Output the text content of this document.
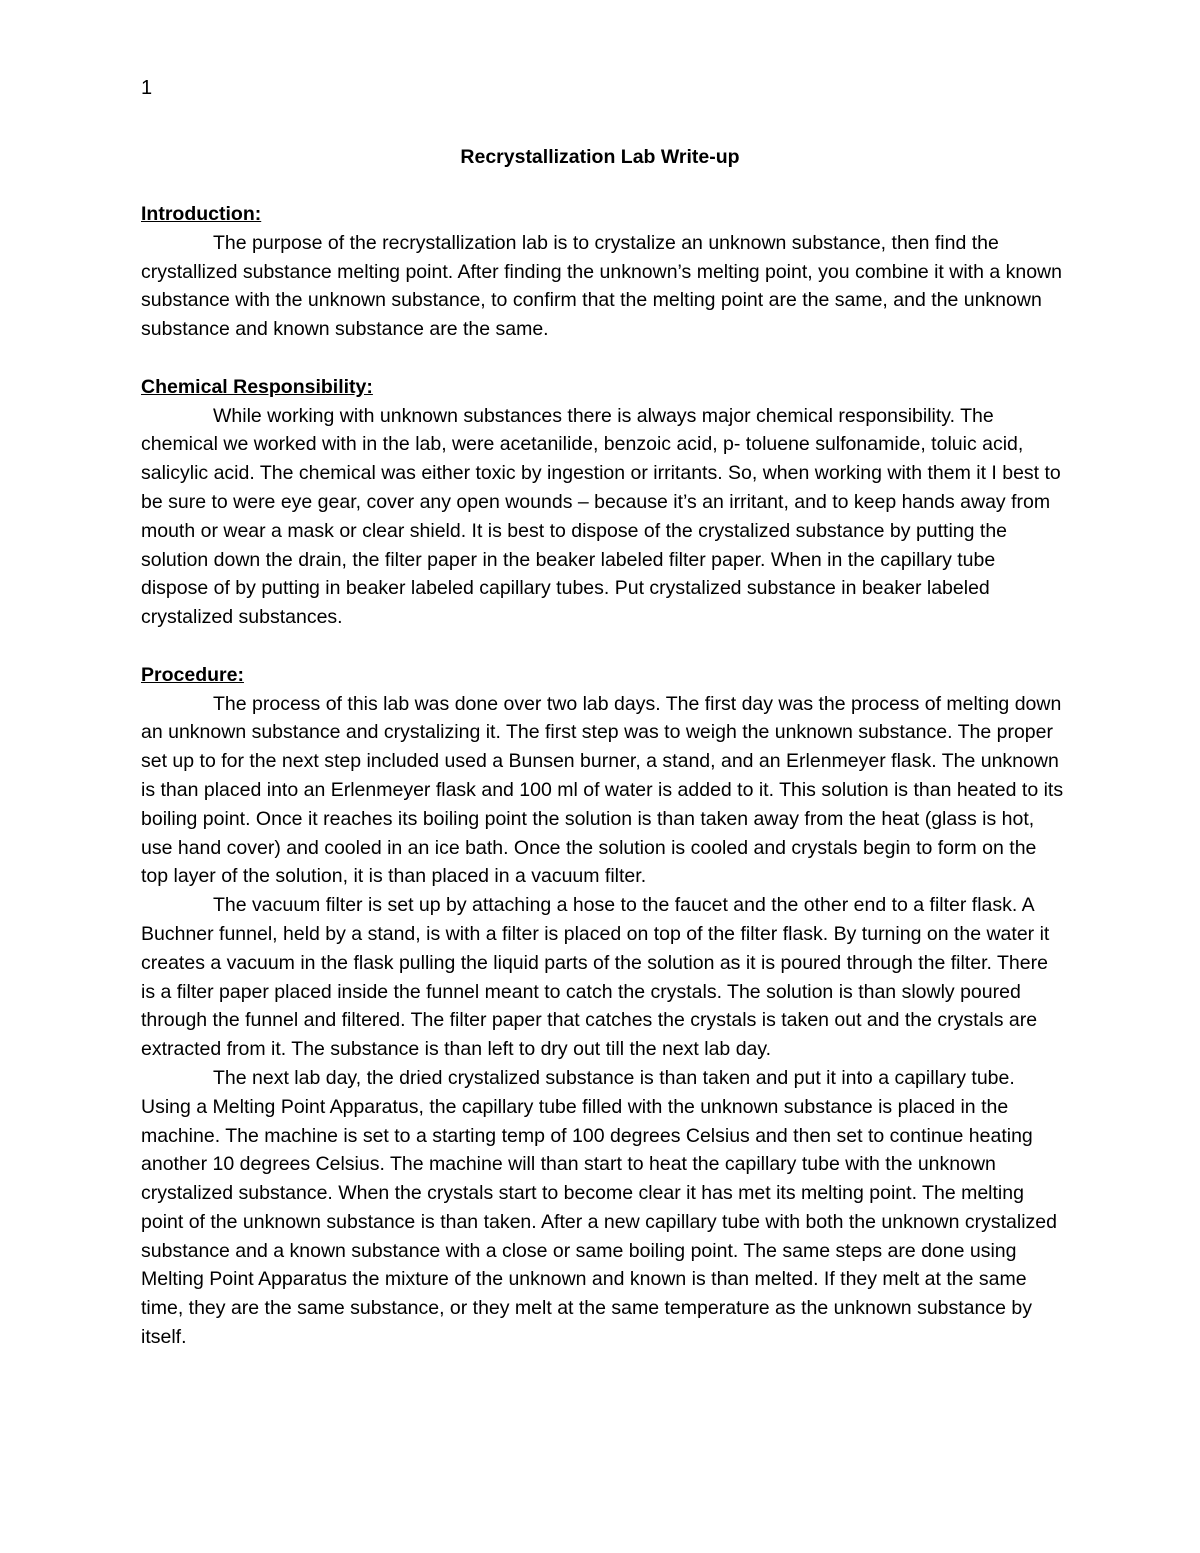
1
Recrystallization Lab Write-up

Introduction:

The purpose of the recrystallization lab is to crystalize an unknown substance, then find the crystallized substance melting point. After finding the unknown’s melting point, you combine it with a known substance with the unknown substance, to confirm that the melting point are the same, and the unknown substance and known substance are the same.

Chemical Responsibility:

While working with unknown substances there is always major chemical responsibility. The chemical we worked with in the lab, were acetanilide, benzoic acid, p- toluene sulfonamide, toluic acid, salicylic acid. The chemical was either toxic by ingestion or irritants. So, when working with them it I best to be sure to were eye gear, cover any open wounds – because it’s an irritant, and to keep hands away from mouth or wear a mask or clear shield. It is best to dispose of the crystalized substance by putting the solution down the drain, the filter paper in the beaker labeled filter paper. When in the capillary tube dispose of by putting in beaker labeled capillary tubes. Put crystalized substance in beaker labeled crystalized substances.

Procedure:

The process of this lab was done over two lab days. The first day was the process of melting down an unknown substance and crystalizing it. The first step was to weigh the unknown substance. The proper set up to for the next step included used a Bunsen burner, a stand, and an Erlenmeyer flask. The unknown is than placed into an Erlenmeyer flask and 100 ml of water is added to it. This solution is than heated to its boiling point. Once it reaches its boiling point the solution is than taken away from the heat (glass is hot, use hand cover) and cooled in an ice bath. Once the solution is cooled and crystals begin to form on the top layer of the solution, it is than placed in a vacuum filter.

The vacuum filter is set up by attaching a hose to the faucet and the other end to a filter flask. A Buchner funnel, held by a stand, is with a filter is placed on top of the filter flask. By turning on the water it creates a vacuum in the flask pulling the liquid parts of the solution as it is poured through the filter. There is a filter paper placed inside the funnel meant to catch the crystals. The solution is than slowly poured through the funnel and filtered. The filter paper that catches the crystals is taken out and the crystals are extracted from it. The substance is than left to dry out till the next lab day.

The next lab day, the dried crystalized substance is than taken and put it into a capillary tube. Using a Melting Point Apparatus, the capillary tube filled with the unknown substance is placed in the machine. The machine is set to a starting temp of 100 degrees Celsius and then set to continue heating another 10 degrees Celsius. The machine will than start to heat the capillary tube with the unknown crystalized substance. When the crystals start to become clear it has met its melting point. The melting point of the unknown substance is than taken. After a new capillary tube with both the unknown crystalized substance and a known substance with a close or same boiling point. The same steps are done using Melting Point Apparatus the mixture of the unknown and known is than melted. If they melt at the same time, they are the same substance, or they melt at the same temperature as the unknown substance by itself.
